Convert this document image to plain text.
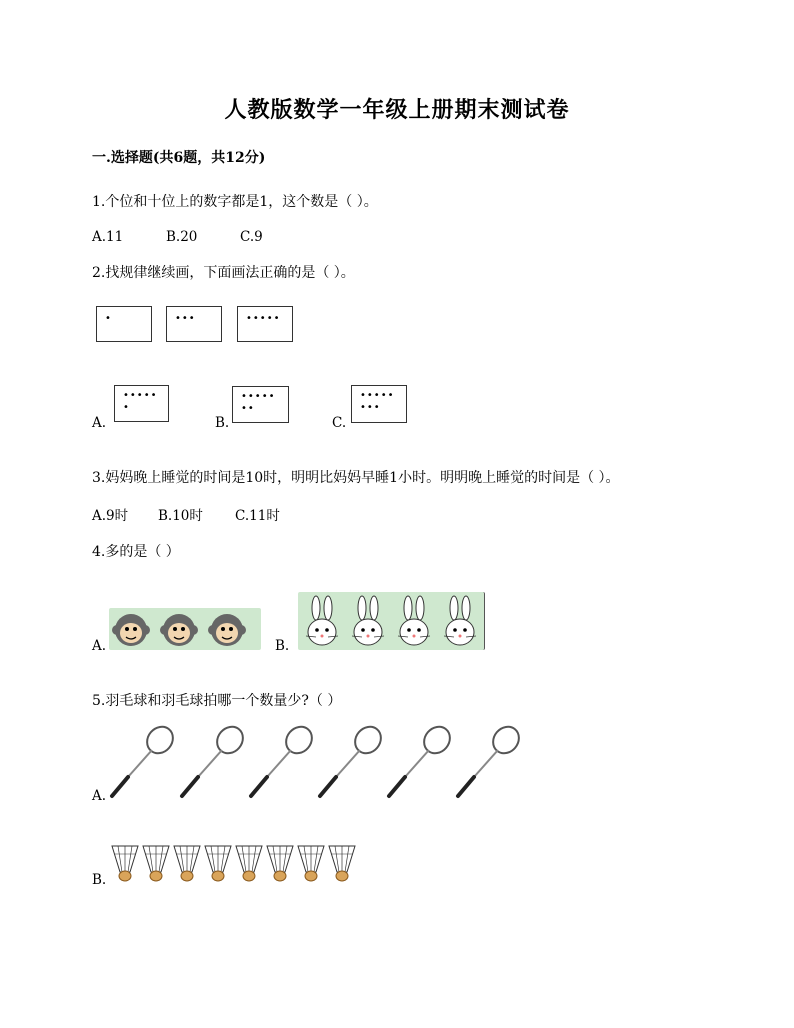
人教版数学一年级上册期末测试卷
一.选择题(共6题，共12分)
1.个位和十位上的数字都是1，这个数是（ ）。
A.11	B.20	C.9
2.找规律继续画，下面画法正确的是（ ）。
•	•••	•••••
A.
•••••
•
B.
•••••
••
C.
•••••
•••
3.妈妈晚上睡觉的时间是10时，明明比妈妈早睡1小时。明明晚上睡觉的时间是（ ）。
A.9时 B.10时 C.11时
4.多的是（ ）
A.	B.
5.羽毛球和羽毛球拍哪一个数量少?（ ）
A.
B.
